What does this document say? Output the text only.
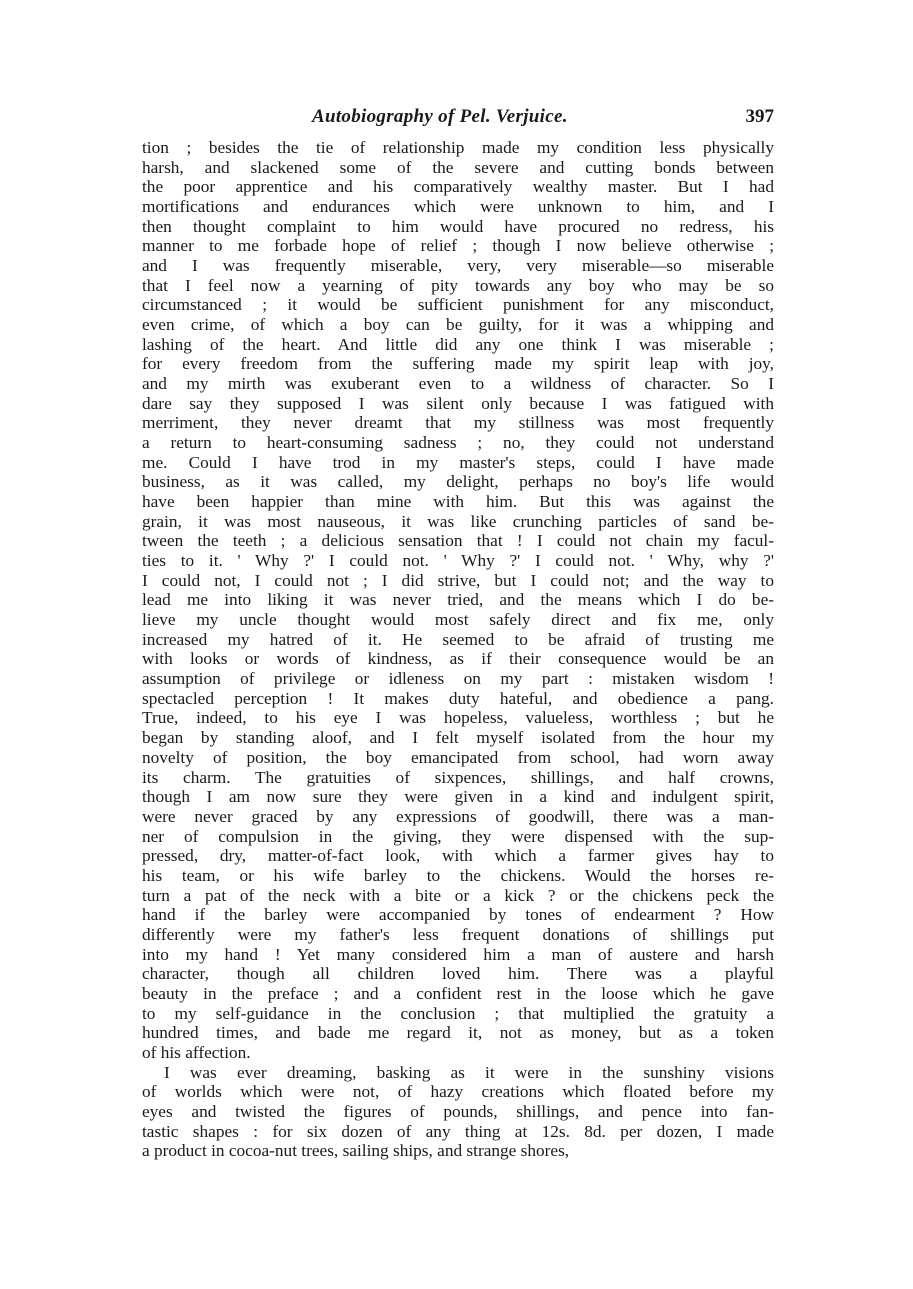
Autobiography of Pel. Verjuice.	397
tion ; besides the tie of relationship made my condition less physically
harsh, and slackened some of the severe and cutting bonds between
the poor apprentice and his comparatively wealthy master. But I had
mortifications and endurances which were unknown to him, and I
then thought complaint to him would have procured no redress, his
manner to me forbade hope of relief ; though I now believe otherwise ;
and I was frequently miserable, very, very miserable—so miserable
that I feel now a yearning of pity towards any boy who may be so
circumstanced ; it would be sufficient punishment for any misconduct,
even crime, of which a boy can be guilty, for it was a whipping and
lashing of the heart. And little did any one think I was miserable ;
for every freedom from the suffering made my spirit leap with joy,
and my mirth was exuberant even to a wildness of character. So I
dare say they supposed I was silent only because I was fatigued with
merriment, they never dreamt that my stillness was most frequently
a return to heart-consuming sadness ; no, they could not understand
me. Could I have trod in my master's steps, could I have made
business, as it was called, my delight, perhaps no boy's life would
have been happier than mine with him. But this was against the
grain, it was most nauseous, it was like crunching particles of sand be-
tween the teeth ; a delicious sensation that ! I could not chain my facul-
ties to it. ' Why ?' I could not. ' Why ?' I could not. ' Why, why ?'
I could not, I could not ; I did strive, but I could not; and the way to
lead me into liking it was never tried, and the means which I do be-
lieve my uncle thought would most safely direct and fix me, only
increased my hatred of it. He seemed to be afraid of trusting me
with looks or words of kindness, as if their consequence would be an
assumption of privilege or idleness on my part : mistaken wisdom !
spectacled perception ! It makes duty hateful, and obedience a pang.
True, indeed, to his eye I was hopeless, valueless, worthless ; but he
began by standing aloof, and I felt myself isolated from the hour my
novelty of position, the boy emancipated from school, had worn away
its charm. The gratuities of sixpences, shillings, and half crowns,
though I am now sure they were given in a kind and indulgent spirit,
were never graced by any expressions of goodwill, there was a man-
ner of compulsion in the giving, they were dispensed with the sup-
pressed, dry, matter-of-fact look, with which a farmer gives hay to
his team, or his wife barley to the chickens. Would the horses re-
turn a pat of the neck with a bite or a kick ? or the chickens peck the
hand if the barley were accompanied by tones of endearment ? How
differently were my father's less frequent donations of shillings put
into my hand ! Yet many considered him a man of austere and harsh
character, though all children loved him. There was a playful
beauty in the preface ; and a confident rest in the loose which he gave
to my self-guidance in the conclusion ; that multiplied the gratuity a
hundred times, and bade me regard it, not as money, but as a token
of his affection.
I was ever dreaming, basking as it were in the sunshiny visions
of worlds which were not, of hazy creations which floated before my
eyes and twisted the figures of pounds, shillings, and pence into fan-
tastic shapes : for six dozen of any thing at 12s. 8d. per dozen, I made
a product in cocoa-nut trees, sailing ships, and strange shores,
